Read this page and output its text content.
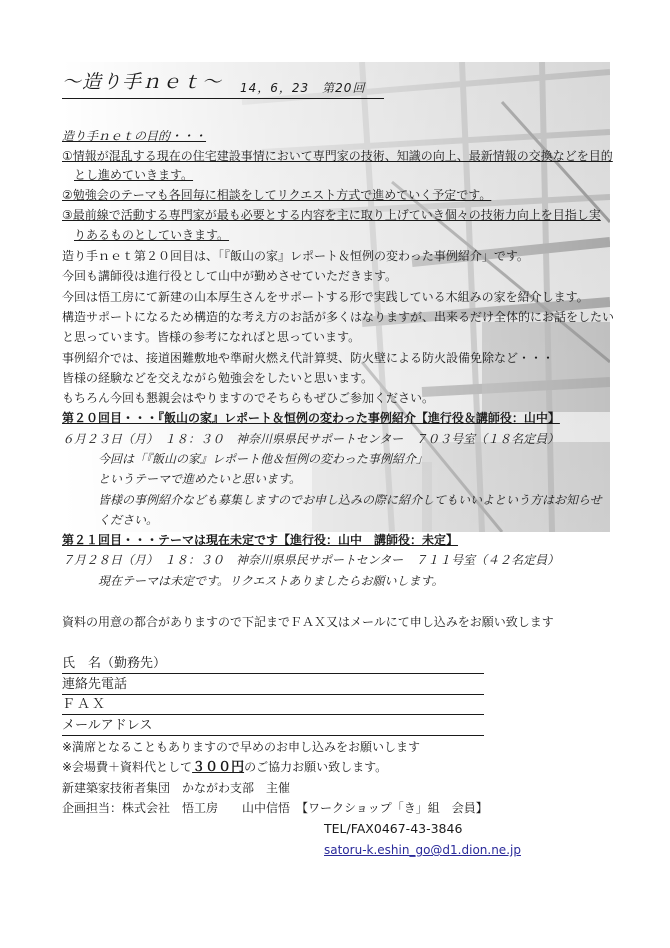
～造り手ｎｅｔ～ 14，6，23　第20回
造り手ｎｅｔの目的・・・
①情報が混乱する現在の住宅建設事情において専門家の技術、知識の向上、最新情報の交換などを目的
とし進めていきます。
②勉強会のテーマも各回毎に相談をしてリクエスト方式で進めていく予定です。
③最前線で活動する専門家が最も必要とする内容を主に取り上げていき個々の技術力向上を目指し実
りあるものとしていきます。
造り手ｎｅｔ第２０回目は、「『飯山の家』レポート＆恒例の変わった事例紹介」です。
今回も講師役は進行役として山中が勤めさせていただきます。
今回は悟工房にて新建の山本厚生さんをサポートする形で実践している木組みの家を紹介します。
構造サポートになるため構造的な考え方のお話が多くはなりますが、出来るだけ全体的にお話をしたい
と思っています。皆様の参考になればと思っています。
事例紹介では、接道困難敷地や準耐火燃え代計算奨、防火壁による防火設備免除など・・・
皆様の経験などを交えながら勉強会をしたいと思います。
もちろん今回も懇親会はやりますのでそちらもぜひご参加ください。
第２０回目・・・『飯山の家』レポート＆恒例の変わった事例紹介【進行役＆講師役：山中】
６月２３日（月）　１８：３０　神奈川県県民サポートセンター　７０３号室（１８名定員）
今回は「『飯山の家』レポート他＆恒例の変わった事例紹介」
というテーマで進めたいと思います。
皆様の事例紹介なども募集しますのでお申し込みの際に紹介してもいいよという方はお知らせ
ください。
第２１回目・・・テーマは現在未定です【進行役：山中　講師役：未定】
７月２８日（月）　１８：３０　神奈川県県民サポートセンター　７１１号室（４２名定員）
現在テーマは未定です。リクエストありましたらお願いします。
資料の用意の都合がありますので下記までＦＡＸ又はメールにて申し込みをお願い致します
氏　名（勤務先）
連絡先電話
ＦＡＸ
メールアドレス
※満席となることもありますので早めのお申し込みをお願いします
※会場費＋資料代として３００円のご協力お願い致します。
新建築家技術者集団　かながわ支部　主催
企画担当：株式会社　悟工房　　山中信悟　【ワークショップ「き」組　会員】
TEL/FAX0467-43-3846
satoru-k.eshin_go@d1.dion.ne.jp
